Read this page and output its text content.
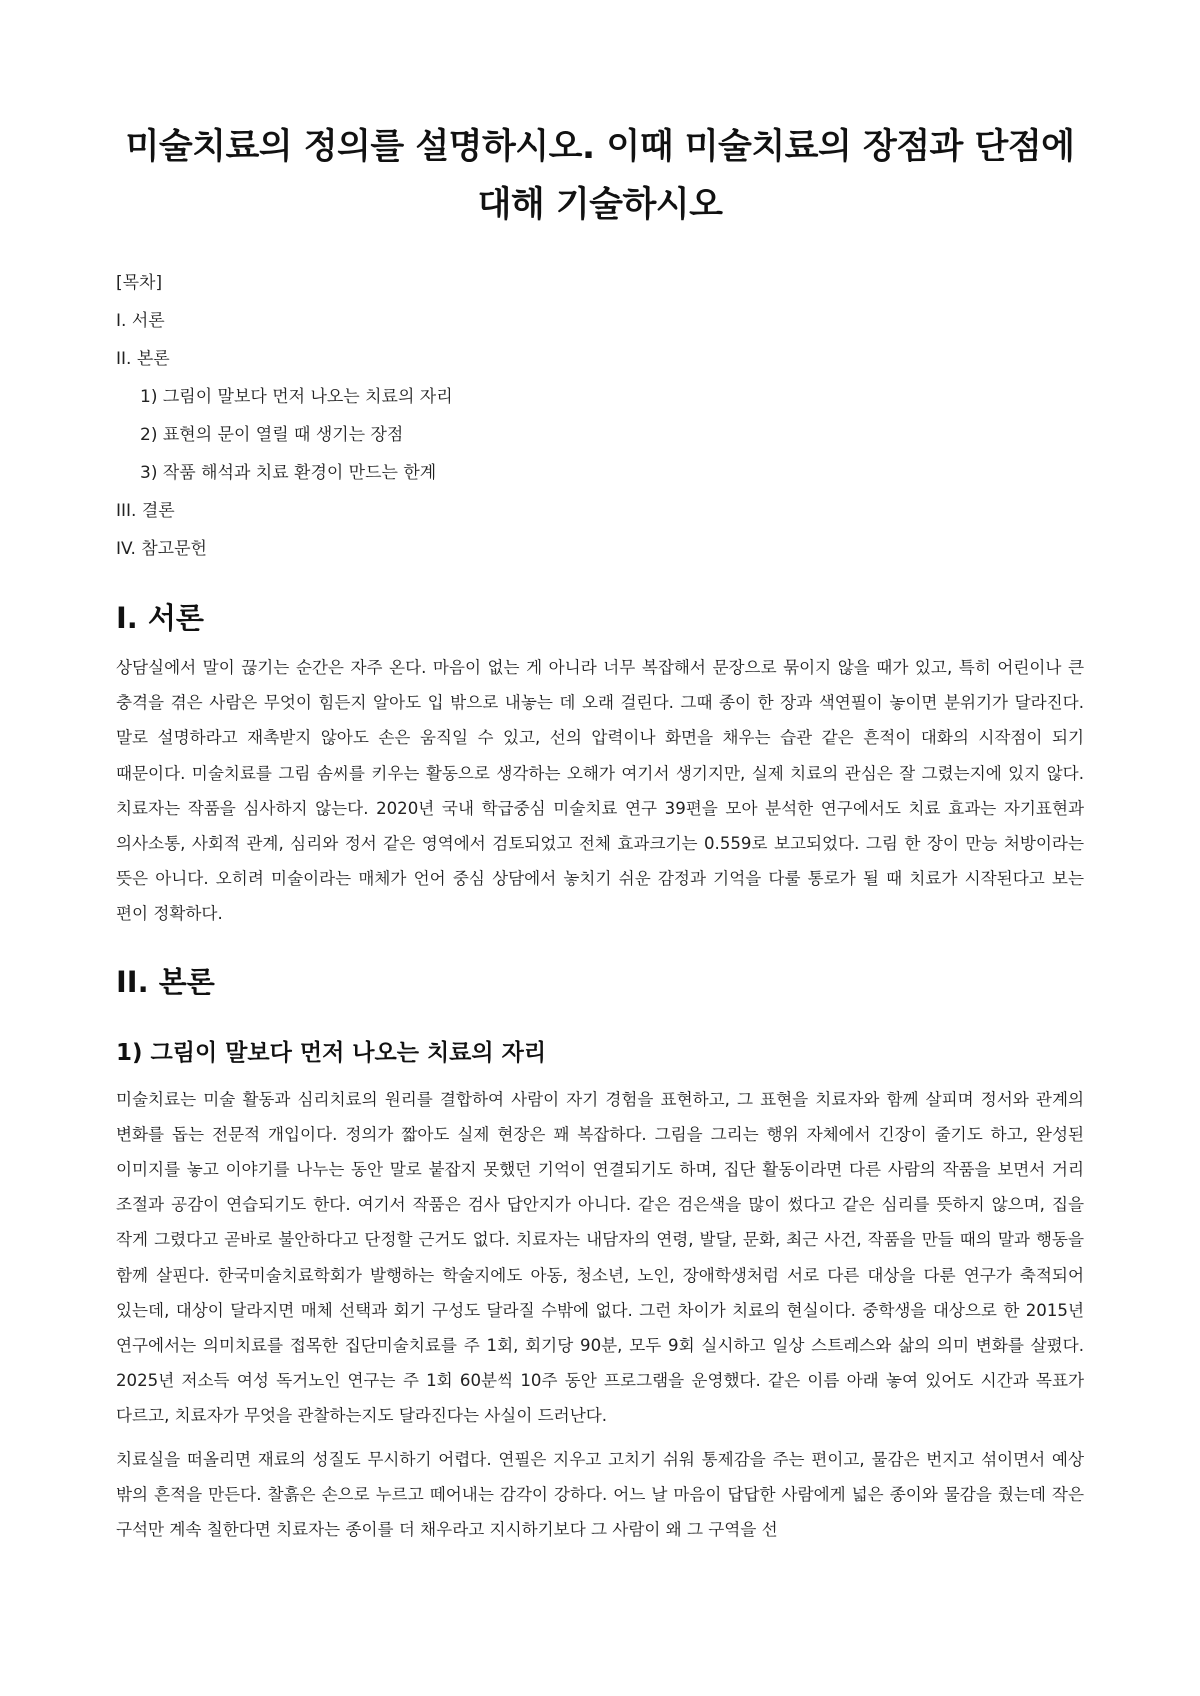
미술치료의 정의를 설명하시오. 이때 미술치료의 장점과 단점에 대해 기술하시오
[목차]
I. 서론
II. 본론
1) 그림이 말보다 먼저 나오는 치료의 자리
2) 표현의 문이 열릴 때 생기는 장점
3) 작품 해석과 치료 환경이 만드는 한계
III. 결론
IV. 참고문헌
I. 서론

상담실에서 말이 끊기는 순간은 자주 온다. 마음이 없는 게 아니라 너무 복잡해서 문장으로 묶이지 않을 때가 있고, 특히 어린이나 큰 충격을 겪은 사람은 무엇이 힘든지 알아도 입 밖으로 내놓는 데 오래 걸린다. 그때 종이 한 장과 색연필이 놓이면 분위기가 달라진다. 말로 설명하라고 재촉받지 않아도 손은 움직일 수 있고, 선의 압력이나 화면을 채우는 습관 같은 흔적이 대화의 시작점이 되기 때문이다. 미술치료를 그림 솜씨를 키우는 활동으로 생각하는 오해가 여기서 생기지만, 실제 치료의 관심은 잘 그렸는지에 있지 않다. 치료자는 작품을 심사하지 않는다. 2020년 국내 학급중심 미술치료 연구 39편을 모아 분석한 연구에서도 치료 효과는 자기표현과 의사소통, 사회적 관계, 심리와 정서 같은 영역에서 검토되었고 전체 효과크기는 0.559로 보고되었다. 그림 한 장이 만능 처방이라는 뜻은 아니다. 오히려 미술이라는 매체가 언어 중심 상담에서 놓치기 쉬운 감정과 기억을 다룰 통로가 될 때 치료가 시작된다고 보는 편이 정확하다.

II. 본론
1) 그림이 말보다 먼저 나오는 치료의 자리

미술치료는 미술 활동과 심리치료의 원리를 결합하여 사람이 자기 경험을 표현하고, 그 표현을 치료자와 함께 살피며 정서와 관계의 변화를 돕는 전문적 개입이다. 정의가 짧아도 실제 현장은 꽤 복잡하다. 그림을 그리는 행위 자체에서 긴장이 줄기도 하고, 완성된 이미지를 놓고 이야기를 나누는 동안 말로 붙잡지 못했던 기억이 연결되기도 하며, 집단 활동이라면 다른 사람의 작품을 보면서 거리 조절과 공감이 연습되기도 한다. 여기서 작품은 검사 답안지가 아니다. 같은 검은색을 많이 썼다고 같은 심리를 뜻하지 않으며, 집을 작게 그렸다고 곧바로 불안하다고 단정할 근거도 없다. 치료자는 내담자의 연령, 발달, 문화, 최근 사건, 작품을 만들 때의 말과 행동을 함께 살핀다. 한국미술치료학회가 발행하는 학술지에도 아동, 청소년, 노인, 장애학생처럼 서로 다른 대상을 다룬 연구가 축적되어 있는데, 대상이 달라지면 매체 선택과 회기 구성도 달라질 수밖에 없다. 그런 차이가 치료의 현실이다. 중학생을 대상으로 한 2015년 연구에서는 의미치료를 접목한 집단미술치료를 주 1회, 회기당 90분, 모두 9회 실시하고 일상 스트레스와 삶의 의미 변화를 살폈다. 2025년 저소득 여성 독거노인 연구는 주 1회 60분씩 10주 동안 프로그램을 운영했다. 같은 이름 아래 놓여 있어도 시간과 목표가 다르고, 치료자가 무엇을 관찰하는지도 달라진다는 사실이 드러난다.

치료실을 떠올리면 재료의 성질도 무시하기 어렵다. 연필은 지우고 고치기 쉬워 통제감을 주는 편이고, 물감은 번지고 섞이면서 예상 밖의 흔적을 만든다. 찰흙은 손으로 누르고 떼어내는 감각이 강하다. 어느 날 마음이 답답한 사람에게 넓은 종이와 물감을 줬는데 작은 구석만 계속 칠한다면 치료자는 종이를 더 채우라고 지시하기보다 그 사람이 왜 그 구역을 선
